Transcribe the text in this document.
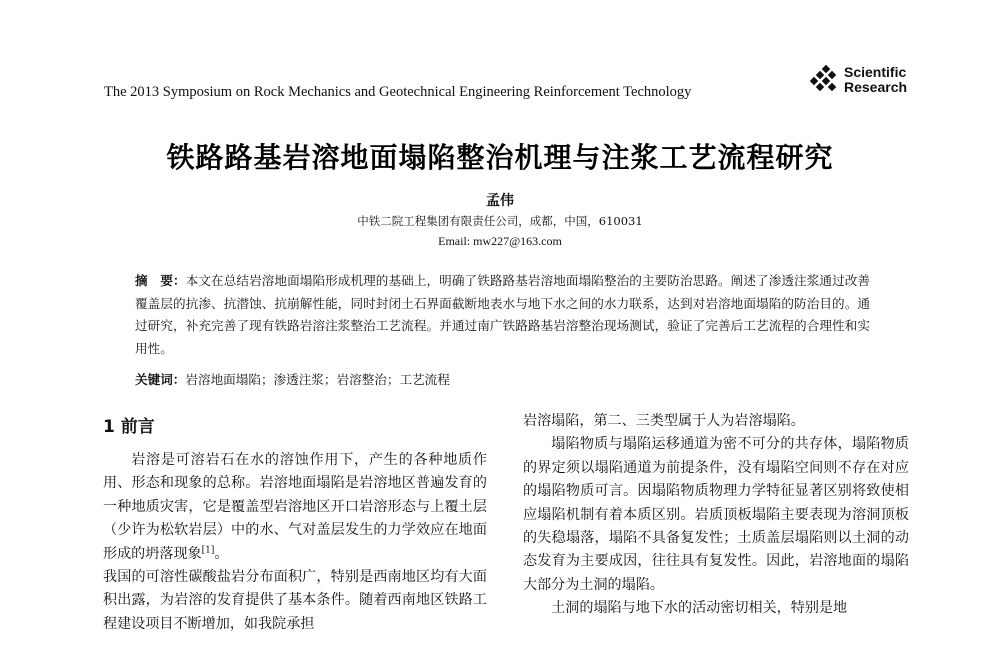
The 2013 Symposium on Rock Mechanics and Geotechnical Engineering Reinforcement Technology
Scientific
Research
铁路路基岩溶地面塌陷整治机理与注浆工艺流程研究
孟伟
中铁二院工程集团有限责任公司，成都，中国，610031
Email: mw227@163.com
摘　要：本文在总结岩溶地面塌陷形成机理的基础上，明确了铁路路基岩溶地面塌陷整治的主要防治思路。阐述了渗透注浆通过改善覆盖层的抗渗、抗潜蚀、抗崩解性能，同时封闭土石界面截断地表水与地下水之间的水力联系，达到对岩溶地面塌陷的防治目的。通过研究，补充完善了现有铁路岩溶注浆整治工艺流程。并通过南广铁路路基岩溶整治现场测试，验证了完善后工艺流程的合理性和实用性。
关键词：岩溶地面塌陷；渗透注浆；岩溶整治；工艺流程
1 前言

岩溶是可溶岩石在水的溶蚀作用下，产生的各种地质作用、形态和现象的总称。岩溶地面塌陷是岩溶地区普遍发育的一种地质灾害，它是覆盖型岩溶地区开口岩溶形态与上覆土层（少许为松软岩层）中的水、气对盖层发生的力学效应在地面形成的坍落现象[1]。

我国的可溶性碳酸盐岩分布面积广，特别是西南地区均有大面积出露，为岩溶的发育提供了基本条件。随着西南地区铁路工程建设项目不断增加，如我院承担

岩溶塌陷，第二、三类型属于人为岩溶塌陷。

塌陷物质与塌陷运移通道为密不可分的共存体，塌陷物质的界定须以塌陷通道为前提条件，没有塌陷空间则不存在对应的塌陷物质可言。因塌陷物质物理力学特征显著区别将致使相应塌陷机制有着本质区别。岩质顶板塌陷主要表现为溶洞顶板的失稳塌落，塌陷不具备复发性；土质盖层塌陷则以土洞的动态发育为主要成因，往往具有复发性。因此，岩溶地面的塌陷大部分为土洞的塌陷。

土洞的塌陷与地下水的活动密切相关，特别是地
